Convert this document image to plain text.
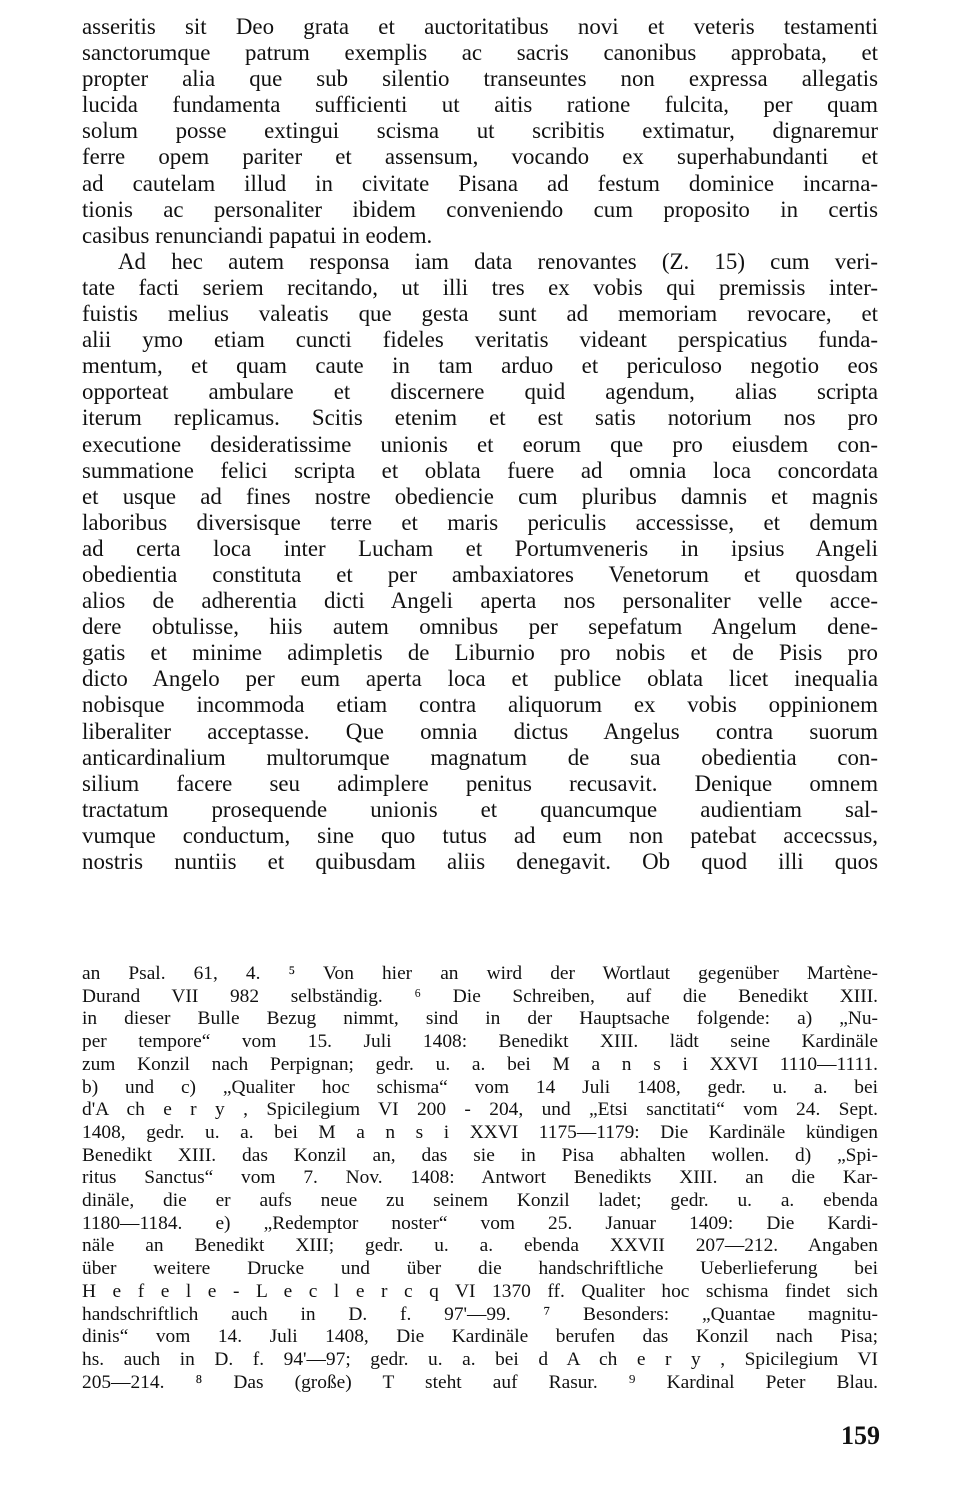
asseritis sit Deo grata et auctoritatibus novi et veteris testamenti
sanctorumque patrum exemplis ac sacris canonibus approbata, et
propter alia que sub silentio transeuntes non expressa allegatis
lucida fundamenta sufficienti ut aitis ratione fulcita, per quam
solum posse extingui scisma ut scribitis extimatur, dignaremur
ferre opem pariter et assensum, vocando ex superhabundanti et
ad cautelam illud in civitate Pisana ad festum dominice incarna-
tionis ac personaliter ibidem conveniendo cum proposito in certis
casibus renunciandi papatui in eodem.
Ad hec autem responsa iam data renovantes (Z. 15) cum veri-
tate facti seriem recitando, ut illi tres ex vobis qui premissis inter-
fuistis melius valeatis que gesta sunt ad memoriam revocare, et
alii ymo etiam cuncti fideles veritatis videant perspicatius funda-
mentum, et quam caute in tam arduo et periculoso negotio eos
opporteat ambulare et discernere quid agendum, alias scripta
iterum replicamus. Scitis etenim et est satis notorium nos pro
executione desideratissime unionis et eorum que pro eiusdem con-
summatione felici scripta et oblata fuere ad omnia loca concordata
et usque ad fines nostre obediencie cum pluribus damnis et magnis
laboribus diversisque terre et maris periculis accessisse, et demum
ad certa loca inter Lucham et Portumveneris in ipsius Angeli
obedientia constituta et per ambaxiatores Venetorum et quosdam
alios de adherentia dicti Angeli aperta nos personaliter velle acce-
dere obtulisse, hiis autem omnibus per sepefatum Angelum dene-
gatis et minime adimpletis de Liburnio pro nobis et de Pisis pro
dicto Angelo per eum aperta loca et publice oblata licet inequalia
nobisque incommoda etiam contra aliquorum ex vobis oppinionem
liberaliter acceptasse. Que omnia dictus Angelus contra suorum
anticardinalium multorumque magnatum de sua obedientia con-
silium facere seu adimplere penitus recusavit. Denique omnem
tractatum prosequende unionis et quancumque audientiam sal-
vumque conductum, sine quo tutus ad eum non patebat accecssus,
nostris nuntiis et quibusdam aliis denegavit. Ob quod illi quos
an Psal. 61, 4. ⁵ Von hier an wird der Wortlaut gegenüber Martène-
Durand VII 982 selbständig. ⁶ Die Schreiben, auf die Benedikt XIII.
in dieser Bulle Bezug nimmt, sind in der Hauptsache folgende: a) „Nu-
per tempore“ vom 15. Juli 1408: Benedikt XIII. lädt seine Kardinäle
zum Konzil nach Perpignan; gedr. u. a. bei M a n s i XXVI 1110—1111.
b) und c) „Qualiter hoc schisma“ vom 14 Juli 1408, gedr. u. a. bei
d'A ch e r y , Spicilegium VI 200 - 204, und „Etsi sanctitati“ vom 24. Sept.
1408, gedr. u. a. bei M a n s i XXVI 1175—1179: Die Kardinäle kündigen
Benedikt XIII. das Konzil an, das sie in Pisa abhalten wollen. d) „Spi-
ritus Sanctus“ vom 7. Nov. 1408: Antwort Benedikts XIII. an die Kar-
dinäle, die er aufs neue zu seinem Konzil ladet; gedr. u. a. ebenda
1180—1184. e) „Redemptor noster“ vom 25. Januar 1409: Die Kardi-
näle an Benedikt XIII; gedr. u. a. ebenda XXVII 207—212. Angaben
über weitere Drucke und über die handschriftliche Ueberlieferung bei
H e f e l e - L e c l e r c q VI 1370 ff. Qualiter hoc schisma findet sich
handschriftlich auch in D. f. 97'—99. ⁷ Besonders: „Quantae magnitu-
dinis“ vom 14. Juli 1408, Die Kardinäle berufen das Konzil nach Pisa;
hs. auch in D. f. 94'—97; gedr. u. a. bei d A ch e r y , Spicilegium VI
205—214. ⁸ Das (große) T steht auf Rasur. ⁹ Kardinal Peter Blau.
159
